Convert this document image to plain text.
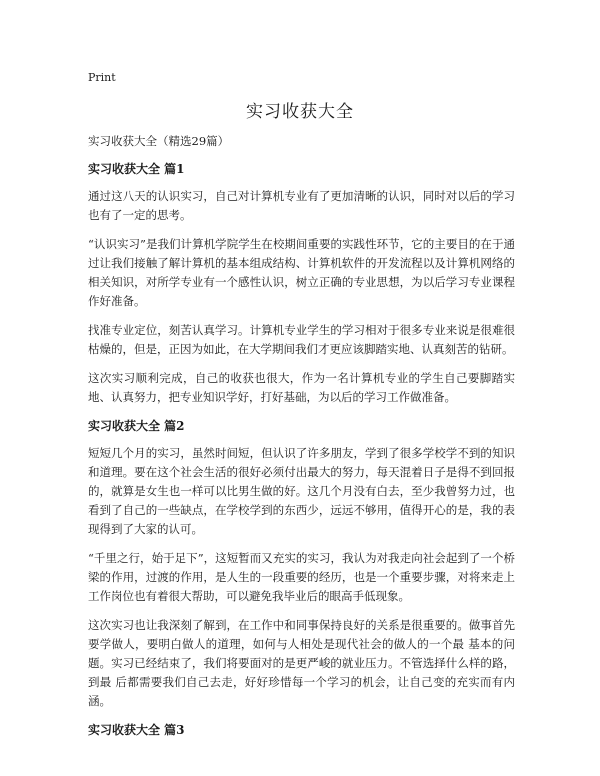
Print
实习收获大全
实习收获大全（精选29篇）
实习收获大全 篇1

通过这八天的认识实习，自己对计算机专业有了更加清晰的认识，同时对以后的学习也有了一定的思考。

“认识实习”是我们计算机学院学生在校期间重要的实践性环节，它的主要目的在于通过让我们接触了解计算机的基本组成结构、计算机软件的开发流程以及计算机网络的相关知识，对所学专业有一个感性认识，树立正确的专业思想，为以后学习专业课程作好准备。

找准专业定位，刻苦认真学习。计算机专业学生的学习相对于很多专业来说是很难很枯燥的，但是，正因为如此，在大学期间我们才更应该脚踏实地、认真刻苦的钻研。

这次实习顺利完成，自己的收获也很大，作为一名计算机专业的学生自己要脚踏实地、认真努力，把专业知识学好，打好基础，为以后的学习工作做准备。

实习收获大全 篇2

短短几个月的实习，虽然时间短，但认识了许多朋友，学到了很多学校学不到的知识和道理。要在这个社会生活的很好必须付出最大的努力，每天混着日子是得不到回报的，就算是女生也一样可以比男生做的好。这几个月没有白去，至少我曾努力过，也看到了自己的一些缺点，在学校学到的东西少，远远不够用，值得开心的是，我的表现得到了大家的认可。

“千里之行，始于足下”，这短暂而又充实的实习，我认为对我走向社会起到了一个桥梁的作用，过渡的作用，是人生的一段重要的经历，也是一个重要步骤，对将来走上工作岗位也有着很大帮助，可以避免我毕业后的眼高手低现象。

这次实习也让我深刻了解到，在工作中和同事保持良好的关系是很重要的。做事首先要学做人，要明白做人的道理，如何与人相处是现代社会的做人的一个最 基本的问题。实习已经结束了，我们将要面对的是更严峻的就业压力。不管选择什么样的路，到最 后都需要我们自己去走，好好珍惜每一个学习的机会，让自己变的充实而有内涵。

实习收获大全 篇3
